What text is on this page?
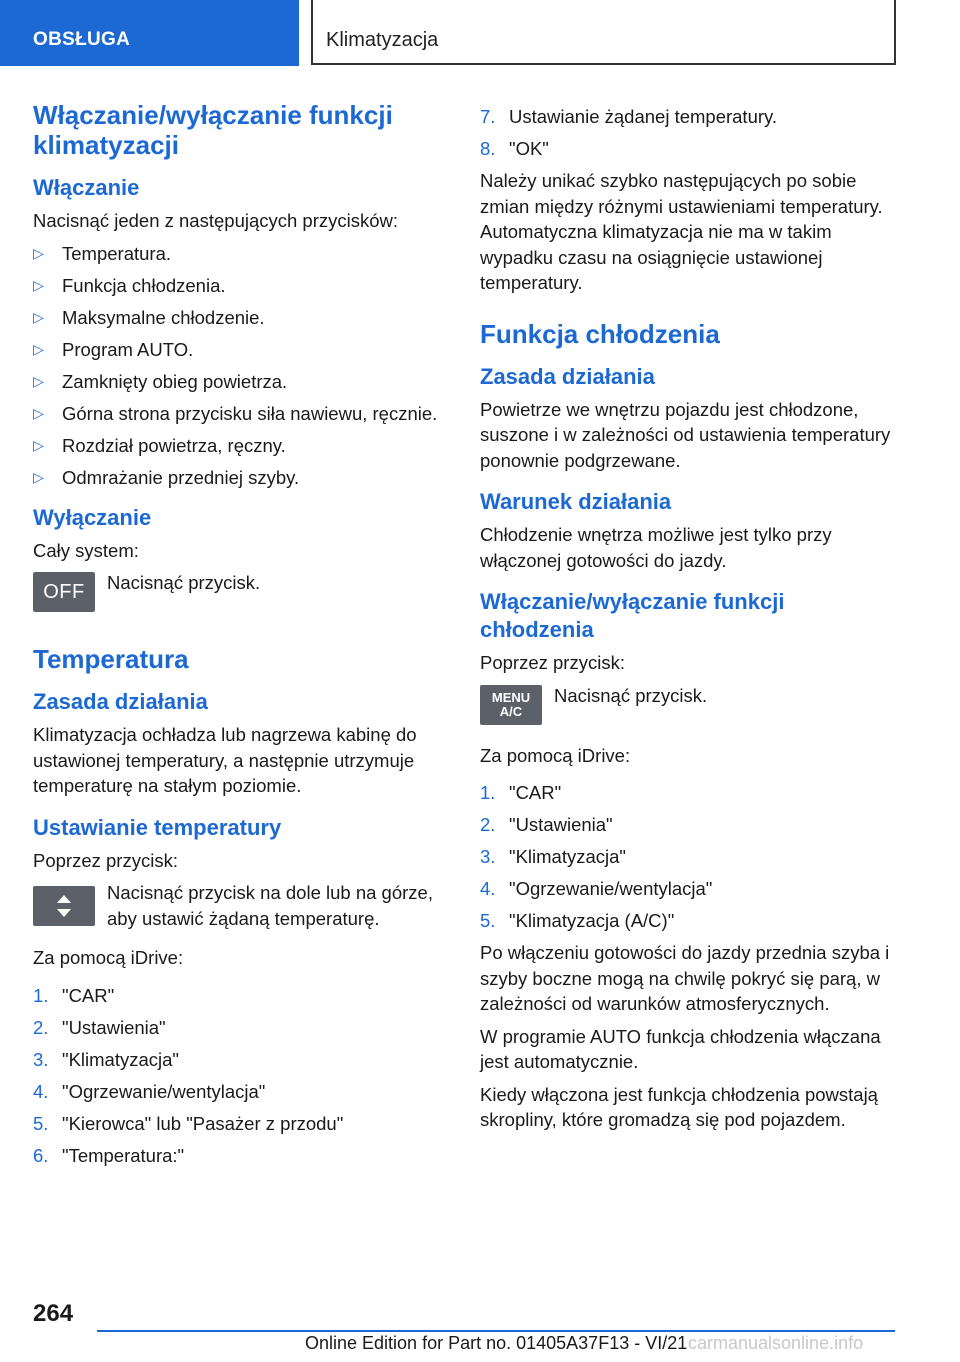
OBSŁUGA	Klimatyzacja
Włączanie/wyłączanie funkcji klimatyzacji
Włączanie

Nacisnąć jeden z następujących przycisków:

▷ Temperatura.
▷ Funkcja chłodzenia.
▷ Maksymalne chłodzenie.
▷ Program AUTO.
▷ Zamknięty obieg powietrza.
▷ Górna strona przycisku siła nawiewu, ręcznie.
▷ Rozdział powietrza, ręczny.
▷ Odmrażanie przedniej szyby.
Wyłączanie

Cały system:

OFF	Nacisnąć przycisk.
Temperatura
Zasada działania

Klimatyzacja ochładza lub nagrzewa kabinę do ustawionej temperatury, a następnie utrzymuje temperaturę na stałym poziomie.

Ustawianie temperatury

Poprzez przycisk:

Nacisnąć przycisk na dole lub na górze, aby ustawić żądaną temperaturę.

Za pomocą iDrive:

1. "CAR"
2. "Ustawienia"
3. "Klimatyzacja"
4. "Ogrzewanie/wentylacja"
5. "Kierowca" lub "Pasażer z przodu"
6. "Temperatura:"
7. Ustawianie żądanej temperatury.
8. "OK"

Należy unikać szybko następujących po sobie zmian między różnymi ustawieniami temperatury. Automatyczna klimatyzacja nie ma w takim wypadku czasu na osiągnięcie ustawionej temperatury.

Funkcja chłodzenia
Zasada działania

Powietrze we wnętrzu pojazdu jest chłodzone, suszone i w zależności od ustawienia temperatury ponownie podgrzewane.

Warunek działania

Chłodzenie wnętrza możliwe jest tylko przy włączonej gotowości do jazdy.

Włączanie/wyłączanie funkcji chłodzenia

Poprzez przycisk:

MENU
A/C
Nacisnąć przycisk.

Za pomocą iDrive:

1. "CAR"
2. "Ustawienia"
3. "Klimatyzacja"
4. "Ogrzewanie/wentylacja"
5. "Klimatyzacja (A/C)"

Po włączeniu gotowości do jazdy przednia szyba i szyby boczne mogą na chwilę pokryć się parą, w zależności od warunków atmosferycznych.

W programie AUTO funkcja chłodzenia włączana jest automatycznie.

Kiedy włączona jest funkcja chłodzenia powstają skropliny, które gromadzą się pod pojazdem.

264
Online Edition for Part no. 01405A37F13 - VI/21 carmanualsonline.info
